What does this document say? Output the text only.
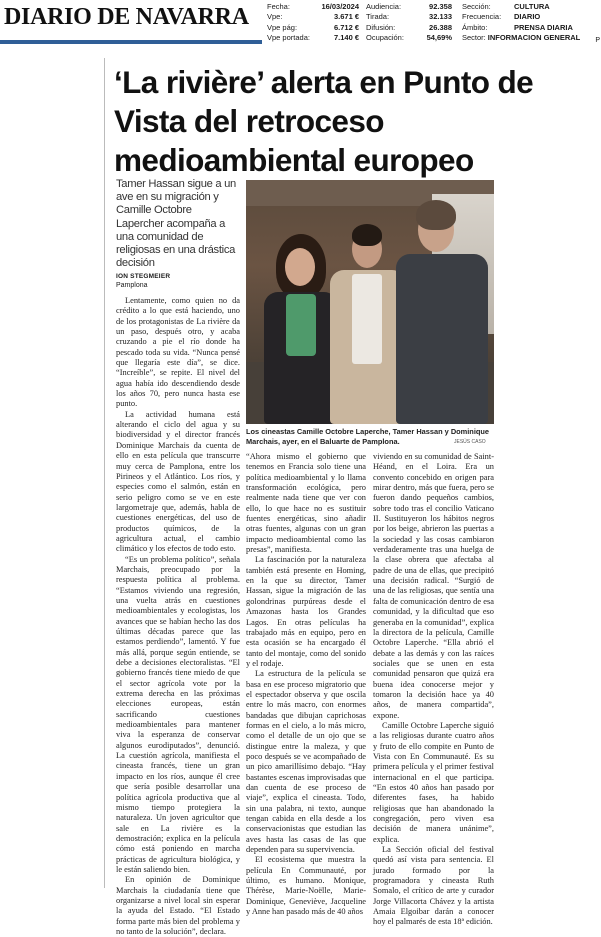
DIARIO DE NAVARRA Fecha:	16/03/2024
Vpe:	3.671 €
Vpe pág:	6.712 €
Vpe portada:	7.140 €
Audiencia:	92.358
Tirada:	32.133
Difusión:	26.388
Ocupación:	54,69%
Sección:	CULTURA
Frecuencia:	DIARIO
Ámbito:	PRENSA DIARIA
Sector: INFORMACION GENERAL P
‘La rivière’ alerta en Punto de Vista del retroceso medioambiental europeo
Tamer Hassan sigue a un ave en su migración y Camille Octobre Lapercher acompaña a una comunidad de religiosas en una drástica decisión
ION STEGMEIER
Pamplona
Los cineastas Camille Octobre Laperche, Tamer Hassan y Dominique Marchais, ayer, en el Baluarte de Pamplona.	JESÚS CASO

Lentamente, como quien no da crédito a lo que está haciendo, uno de los protagonistas de La rivière da un paso, después otro, y acaba cruzando a pie el río donde ha pescado toda su vida. “Nunca pensé que llegaría este día”, se dice. “Increíble”, se repite. El nivel del agua había ido descendiendo desde los años 70, pero nunca hasta ese punto.

La actividad humana está alterando el ciclo del agua y su biodiversidad y el director francés Dominique Marchais da cuenta de ello en esta película que transcurre muy cerca de Pamplona, entre los Pirineos y el Atlántico. Los ríos, y especies como el salmón, están en serio peligro como se ve en este largometraje que, además, habla de cuestiones energéticas, del uso de productos químicos, de la agricultura actual, el cambio climático y los efectos de todo esto.

“Es un problema político”, señala Marchais, preocupado por la respuesta política al problema. “Estamos viviendo una regresión, una vuelta atrás en cuestiones medioambientales y ecologistas, los avances que se habían hecho las dos últimas décadas parece que las estamos perdiendo”, lamentó. Y fue más allá, porque según entiende, se debe a decisiones electoralistas. “El gobierno francés tiene miedo de que el sector agrícola vote por la extrema derecha en las próximas elecciones europeas, están sacrificando cuestiones medioambientales para mantener viva la esperanza de conservar algunos eurodiputados”, denunció. La cuestión agrícola, manifiesta el cineasta francés, tiene un gran impacto en los ríos, aunque él cree que sería posible desarrollar una política agrícola productiva que al mismo tiempo protegiera la naturaleza. Un joven agricultor que sale en La rivière es la demostración; explica en la película cómo está poniendo en marcha prácticas de agricultura biológica, y le están saliendo bien.

En opinión de Dominique Marchais la ciudadanía tiene que organizarse a nivel local sin esperar la ayuda del Estado. “El Estado forma parte más bien del problema y no tanto de la solución”, declara.

“Ahora mismo el gobierno que tenemos en Francia solo tiene una política medioambiental y lo llama transformación ecológica, pero realmente nada tiene que ver con ello, lo que hace no es sustituir fuentes energéticas, sino añadir otras fuentes, algunas con un gran impacto medioambiental como las presas”, manifiesta.

La fascinación por la naturaleza también está presente en Homing, en la que su director, Tamer Hassan, sigue la migración de las golondrinas purpúreas desde el Amazonas hasta los Grandes Lagos. En otras películas ha trabajado más en equipo, pero en esta ocasión se ha encargado él tanto del montaje, como del sonido y el rodaje.

La estructura de la película se basa en ese proceso migratorio que el espectador observa y que oscila entre lo más macro, con enormes bandadas que dibujan caprichosas formas en el cielo, a lo más micro, como el detalle de un ojo que se distingue entre la maleza, y que poco después se ve acompañado de un pico amarillísimo debajo. “Hay bastantes escenas improvisadas que dan cuenta de ese proceso de viaje”, explica el cineasta. Todo, sin una palabra, ni texto, aunque tengan cabida en ella desde a los conservacionistas que estudian las aves hasta las casas de las que dependen para su supervivencia.

El ecosistema que muestra la película En Communauté, por último, es humano. Monique, Thérèse, Marie-Noëlle, Marie-Dominique, Geneviève, Jacqueline y Anne han pasado más de 40 años

viviendo en su comunidad de Saint-Héand, en el Loira. Era un convento concebido en origen para mirar dentro, más que fuera, pero se fueron dando pequeños cambios, sobre todo tras el concilio Vaticano II. Sustituyeron los hábitos negros por los beige, abrieron las puertas a la sociedad y las cosas cambiaron verdaderamente tras una huelga de la clase obrera que afectaba al padre de una de ellas, que precipitó una decisión radical. “Surgió de una de las religiosas, que sentía una falta de comunicación dentro de esa comunidad, y la dificultad que eso generaba en la comunidad”, explica la directora de la película, Camille Octobre Laperche. “Ella abrió el debate a las demás y con las raíces sociales que se unen en esta comunidad pensaron que quizá era buena idea conocerse mejor y tomaron la decisión hace ya 40 años, de manera compartida”, expone.

Camille Octobre Laperche siguió a las religiosas durante cuatro años y fruto de ello compite en Punto de Vista con En Communauté. Es su primera película y el primer festival internacional en el que participa. “En estos 40 años han pasado por diferentes fases, ha habido religiosas que han abandonado la congregación, pero viven esa decisión de manera unánime”, explica.

La Sección oficial del festival quedó así vista para sentencia. El jurado formado por la programadora y cineasta Ruth Somalo, el crítico de arte y curador Jorge Villacorta Chávez y la artista Amaia Elgoibar darán a conocer hoy el palmarés de esta 18ª edición.
